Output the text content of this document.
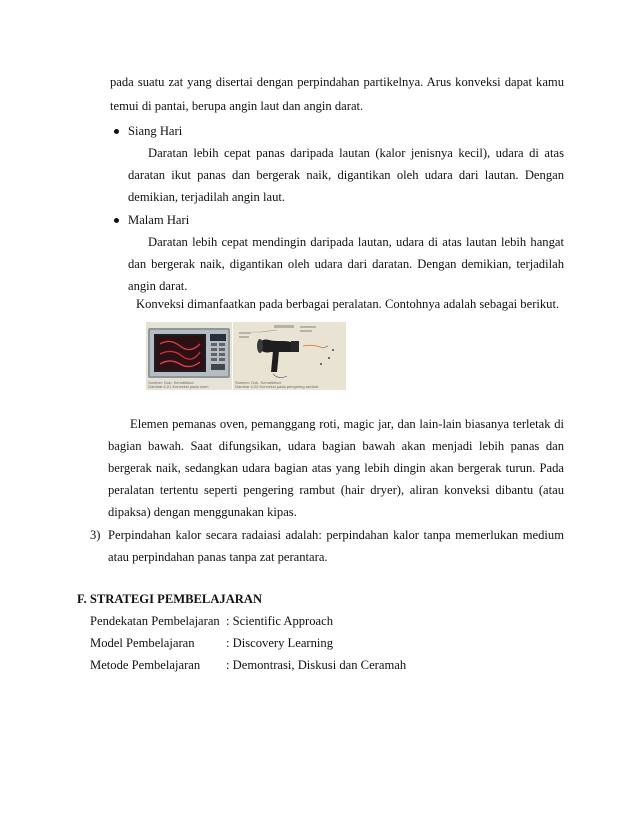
pada suatu zat yang disertai dengan perpindahan partikelnya. Arus konveksi dapat kamu
temui di pantai, berupa angin laut dan angin darat.
Siang Hari
Daratan lebih cepat panas daripada lautan (kalor jenisnya kecil), udara di atas
daratan ikut panas dan bergerak naik, digantikan oleh udara dari lautan. Dengan
demikian, terjadilah angin laut.
Malam Hari
Daratan lebih cepat mendingin daripada lautan, udara di atas lautan lebih hangat
dan bergerak naik, digantikan oleh udara dari daratan. Dengan demikian, terjadilah
angin darat.
Konveksi dimanfaatkan pada berbagai peralatan. Contohnya adalah sebagai berikut.
Sumber: Dok. Kemdikbud
Gambar 4.21 Konveksi pada oven
Sumber: Dok. Kemdikbud
Gambar 4.22 Konveksi pada pengering rambut
Elemen pemanas oven, pemanggang roti, magic jar, dan lain-lain biasanya terletak di
bagian bawah. Saat difungsikan, udara bagian bawah akan menjadi lebih panas dan
bergerak naik, sedangkan udara bagian atas yang lebih dingin akan bergerak turun. Pada
peralatan tertentu seperti pengering rambut (hair dryer), aliran konveksi dibantu (atau
dipaksa) dengan menggunakan kipas.
3) Perpindahan kalor secara radaiasi adalah: perpindahan kalor tanpa memerlukan medium
atau perpindahan panas tanpa zat perantara.
F. STRATEGI PEMBELAJARAN
Pendekatan Pembelajaran : Scientific Approach
Model Pembelajaran : Discovery Learning
Metode Pembelajaran : Demontrasi, Diskusi dan Ceramah
